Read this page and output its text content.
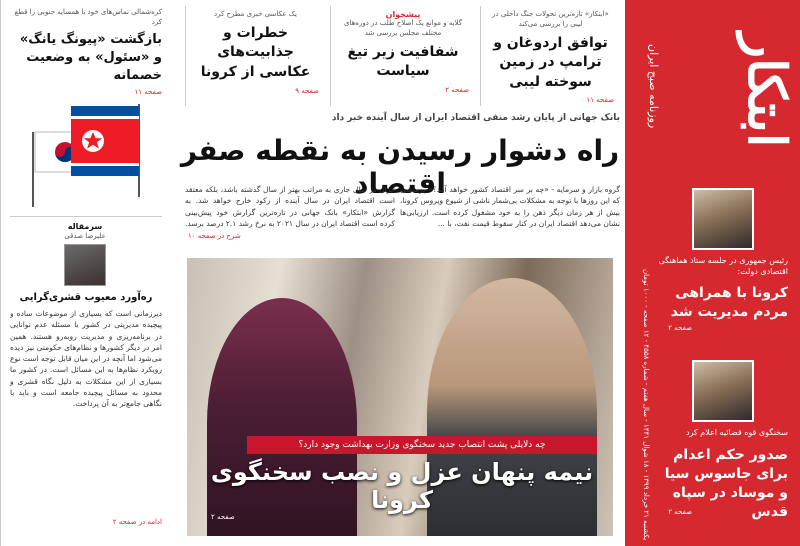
ابتکار
روزنامه صبح ایران
یکشنبه ۲۱ خرداد ۱۳۹۹ - ۱۸ شوال ۱۴۴۱ - سال هفتم - شماره ۴۵۵۸ - ۱۲ صفحه - ۱۰۰۰ تومان
رئیس جمهوری در جلسه ستاد هماهنگی اقتصادی دولت:
کرونا با همراهی مردم مدیریت شد
صفحه ۲
سخنگوی قوه قضائیه اعلام کرد
صدور حکم اعدام برای جاسوس سیا و موساد در سپاه قدس
صفحه ۲
«ابتکار» تازه‌ترین تحولات جنگ داخلی در لیبی را بررسی می‌کند
توافق اردوغان و ترامپ در زمین سوخته لیبی
صفحه ۱۱
پیشخوان
گلایه و موانع یک اصلاح طلب در دوره‌های مختلف مجلس بررسی شد
شفافیت زیر تیغ سیاست
صفحه ۲
یک عکاسی خبری مطرح کرد
خطرات و جذابیت‌های عکاسی از کرونا
صفحه ۹
بانک جهانی از پایان رشد منفی اقتصاد ایران از سال آینده خبر داد
راه دشوار رسیدن به نقطه صفر اقتصاد
گروه بازار و سرمایه - «چه بر سر اقتصاد کشور خواهد آمد؟» پرسشی که این روزها با توجه به مشکلات بی‌شمار ناشی از شیوع ویروس کرونا، بیش از هر زمان دیگر ذهن را به خود مشغول کرده است. ارزیابی‌ها نشان می‌دهد اقتصاد ایران در کنار سقوط قیمت نفت، با ...
ایران در سال جاری به مراتب بهتر از سال گذشته باشد، بلکه معتقد است اقتصاد ایران در سال آینده از رکود خارج خواهد شد. به گزارش «ابتکار» بانک جهانی در تازه‌ترین گزارش خود پیش‌بینی کرده است اقتصاد ایران در سال ۲۰۲۱ به نرخ رشد ۲.۱ درصد برسد.
شرح در صفحه ۱۰
چه دلایلی پشت انتصاب جدید سخنگوی وزارت بهداشت وجود دارد؟
نیمه پنهان عزل و نصب سخنگوی کرونا
صفحه ۲
کره‌شمالی تماس‌های خود با همسایه جنوبی را قطع کرد
بازگشت «پیونگ یانگ» و «سئول» به وضعیت خصمانه
صفحه ۱۱
سرمقاله
علیرضا صدقی
ره‌آورد معیوب قشری‌گرایی
دیرزمانی است که بسیاری از موضوعات ساده و پیچیده مدیریتی در کشور با مسئله عدم توانایی در برنامه‌ریزی و مدیریت روبه‌رو هستند. همین امر در دیگر کشورها و نظام‌های حکومتی نیز دیده می‌شود اما آنچه در این میان قابل توجه است نوع رویکرد نظام‌ها به این مسائل است. در کشور ما بسیاری از این مشکلات به دلیل نگاه قشری و محدود به مسائل پیچیده جامعه است و باید با نگاهی جامع‌تر به آن پرداخت.
ادامه در صفحه ۲
